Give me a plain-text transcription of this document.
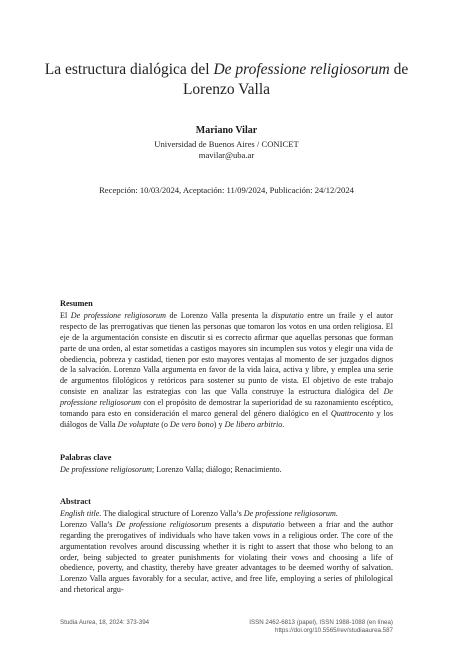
La estructura dialógica del De professione religiosorum de Lorenzo Valla
Mariano Vilar
Universidad de Buenos Aires / CONICET
mavilar@uba.ar
Recepción: 10/03/2024, Aceptación: 11/09/2024, Publicación: 24/12/2024
Resumen

El De professione religiosorum de Lorenzo Valla presenta la disputatio entre un fraile y el autor respecto de las prerrogativas que tienen las personas que tomaron los votos en una orden religiosa. El eje de la argumentación consiste en discutir si es correcto afirmar que aquellas personas que forman parte de una orden, al estar sometidas a castigos mayores sin incumplen sus votos y elegir una vida de obediencia, pobreza y castidad, tienen por esto mayores ventajas al momento de ser juzgados dignos de la salvación. Lorenzo Valla argumenta en favor de la vida laica, activa y libre, y emplea una serie de argumentos filológicos y retóricos para sostener su punto de vista. El objetivo de este trabajo consiste en analizar las estrategias con las que Valla construye la estructura dialógica del De professione religiosorum con el propósito de demostrar la superioridad de su razonamiento escéptico, tomando para esto en consideración el marco general del género dialógico en el Quattrocento y los diálogos de Valla De voluptate (o De vero bono) y De libero arbitrio.

Palabras clave

De professione religiosorum; Lorenzo Valla; diálogo; Renacimiento.

Abstract

English title. The dialogical structure of Lorenzo Valla’s De professione religiosorum.

Lorenzo Valla’s De professione religiosorum presents a disputatio between a friar and the author regarding the prerogatives of individuals who have taken vows in a religious order. The core of the argumentation revolves around discussing whether it is right to assert that those who belong to an order, being subjected to greater punishments for violating their vows and choosing a life of obedience, poverty, and chastity, thereby have greater advantages to be deemed worthy of salvation. Lorenzo Valla argues favorably for a secular, active, and free life, employing a series of philological and rhetorical argu-

Studia Aurea, 18, 2024: 373-394	ISSN 2462-6813 (papel), ISSN 1988-1088 (en línea)
https://doi.org/10.5565/rev/studiaaurea.587
